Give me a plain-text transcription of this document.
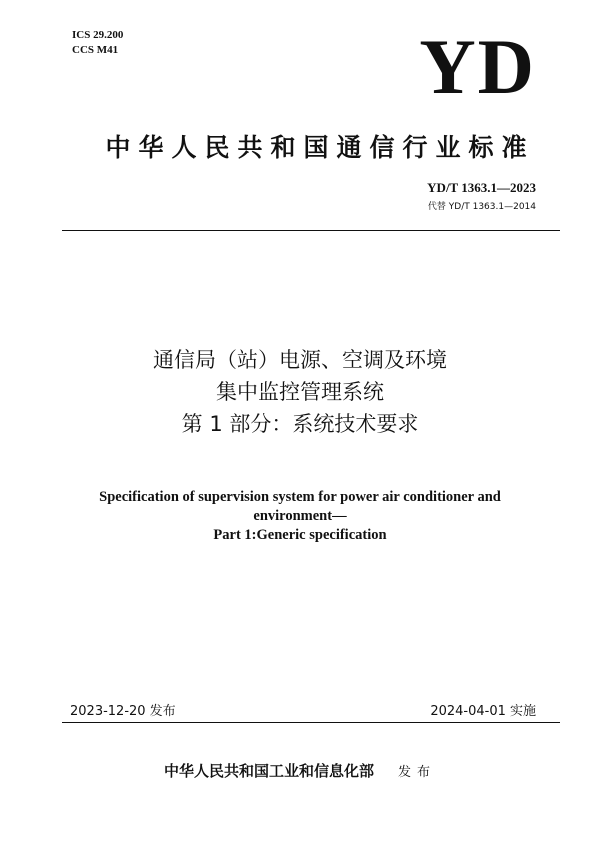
ICS 29.200
CCS M41	YD
中华人民共和国通信行业标准
YD/T 1363.1—2023
代替 YD/T 1363.1—2014
通信局（站）电源、空调及环境
集中监控管理系统
第 1 部分：系统技术要求
Specification of supervision system for power air conditioner and
environment—
Part 1:Generic specification
2023-12-20 发布	2024-04-01 实施
中华人民共和国工业和信息化部 发布
